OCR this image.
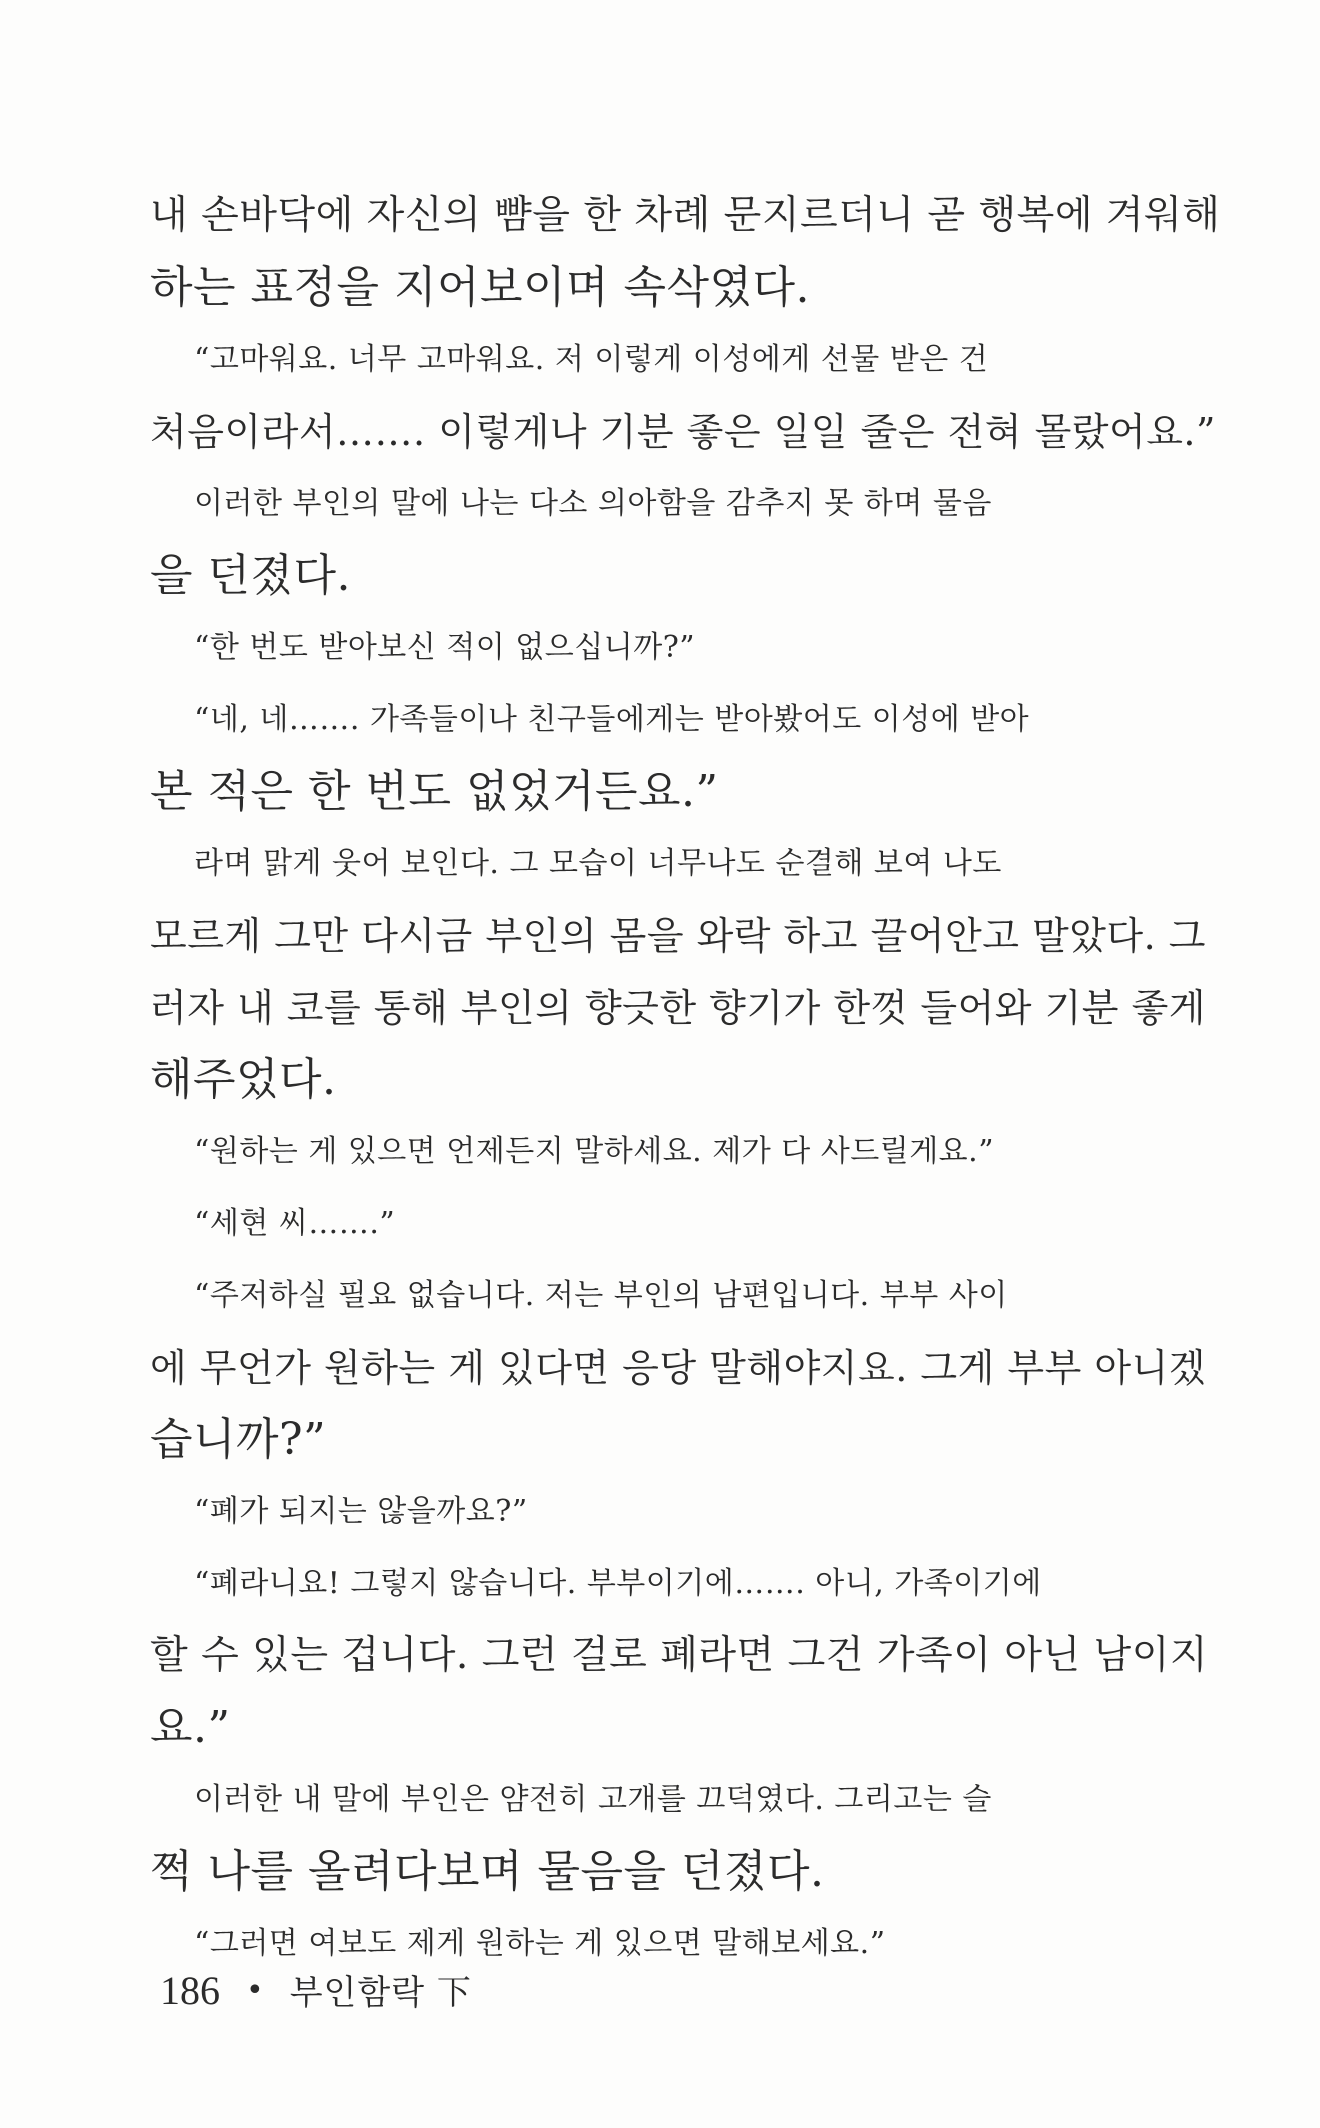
내 손바닥에 자신의 뺨을 한 차례 문지르더니 곧 행복에 겨워해
하는 표정을 지어보이며 속삭였다.
“고마워요. 너무 고마워요. 저 이렇게 이성에게 선물 받은 건
처음이라서……. 이렇게나 기분 좋은 일일 줄은 전혀 몰랐어요.”
이러한 부인의 말에 나는 다소 의아함을 감추지 못 하며 물음
을 던졌다.
“한 번도 받아보신 적이 없으십니까?”
“네, 네……. 가족들이나 친구들에게는 받아봤어도 이성에 받아
본 적은 한 번도 없었거든요.”
라며 맑게 웃어 보인다. 그 모습이 너무나도 순결해 보여 나도
모르게 그만 다시금 부인의 몸을 와락 하고 끌어안고 말았다. 그
러자 내 코를 통해 부인의 향긋한 향기가 한껏 들어와 기분 좋게
해주었다.
“원하는 게 있으면 언제든지 말하세요. 제가 다 사드릴게요.”
“세현 씨…….”
“주저하실 필요 없습니다. 저는 부인의 남편입니다. 부부 사이
에 무언가 원하는 게 있다면 응당 말해야지요. 그게 부부 아니겠
습니까?”
“폐가 되지는 않을까요?”
“폐라니요! 그렇지 않습니다. 부부이기에……. 아니, 가족이기에
할 수 있는 겁니다. 그런 걸로 폐라면 그건 가족이 아닌 남이지
요.”
이러한 내 말에 부인은 얌전히 고개를 끄덕였다. 그리고는 슬
쩍 나를 올려다보며 물음을 던졌다.
“그러면 여보도 제게 원하는 게 있으면 말해보세요.”
186 • 부인함락 下
